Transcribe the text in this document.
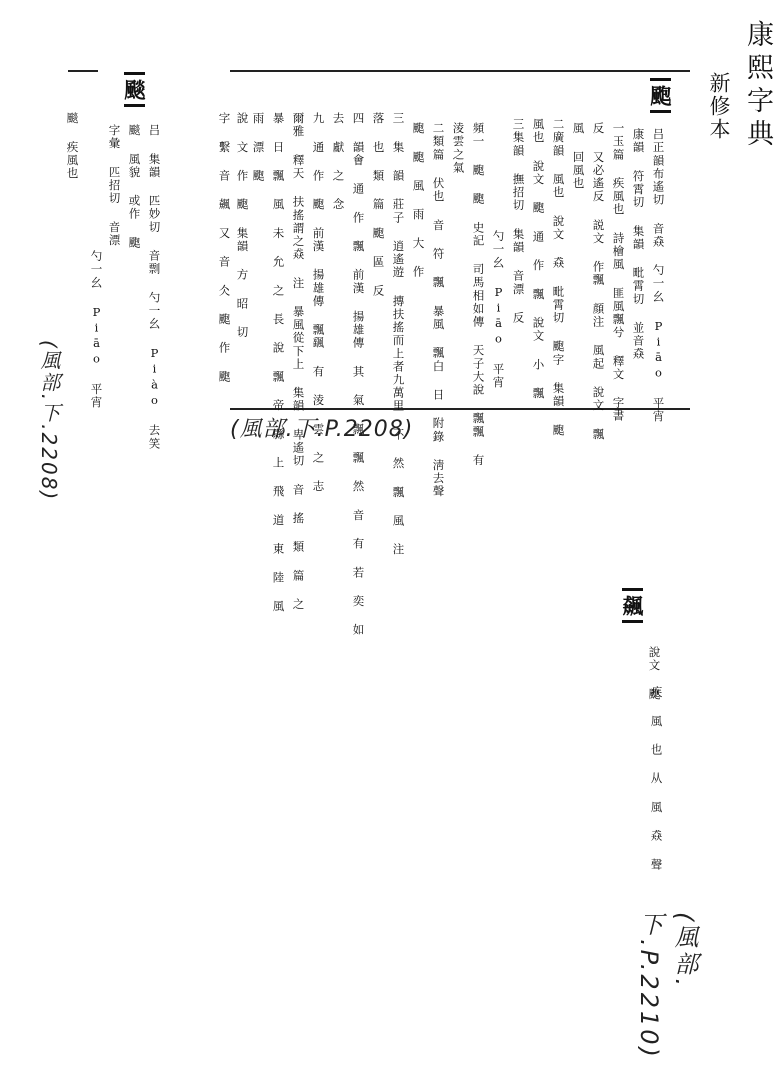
康熙字典
新修本
颮
吕正韻布遙切 音猋 勺一幺 Piāo 平宵
康韻 符霄切 集韻 毗霄切 並音猋
一玉篇 疾風也 詩檜風 匪風飄兮 釋文 字書
反 又必遙反 説文 作飄 顔注 風起 說文 飄
風 回風也
二廣韻 風也 說文 猋 毗霄切 颮字 集韻 颮
風也 說文 颮 通 作 飄 說文 小 飄
三集韻 撫招切 集韻 音漂 反
勺一幺 Piāo 平宵
頻一 颮 颮 史記 司馬相如傳 天子大說 飄飄 有
淩雲之氣
二類篇 伏也 音 符 飄 暴風 飄白 日 附錄 淸去聲
颮 颮 風 雨 大 作
三 集 韻 莊子 逍遙遊 摶扶搖而上者九萬里 不 然 飄 風 注
落 也 類 篇 颮 區 反
四 韻會 通 作 飄 前漢 揚雄傳 其 氣 飄 飄 然 音 有 若 奕 如
去 獻 之 念
九 通 作 颮 前漢 揚雄傳 飄颻 有 淩 雲 之 志
爾雅 釋天 扶搖謂之猋 注 暴風從下上 集韻 卑遙切 音 搖 類 篇 之
暴 日 飄 風 未 允 之 長 說 飄 帝 縣 上 飛 道 東 陸 風
雨 漂 颮
說 文 作 颮 集韻 方 昭 切
字 繫 音 飆 又 音 仌 颮 作 颮
(風部.下.P.2208)
颷
吕 集韻 匹妙切 音剽 勺一幺 Piào 去笑
颷 風貌 或作 颮
字彙 匹招切 音漂
勺一幺 Piāo 平宵
颷 疾風也
(風部.下.2208)
飆
說文 颮
疾 風 也 从 風 猋 聲
(風部.下.P.2210)
